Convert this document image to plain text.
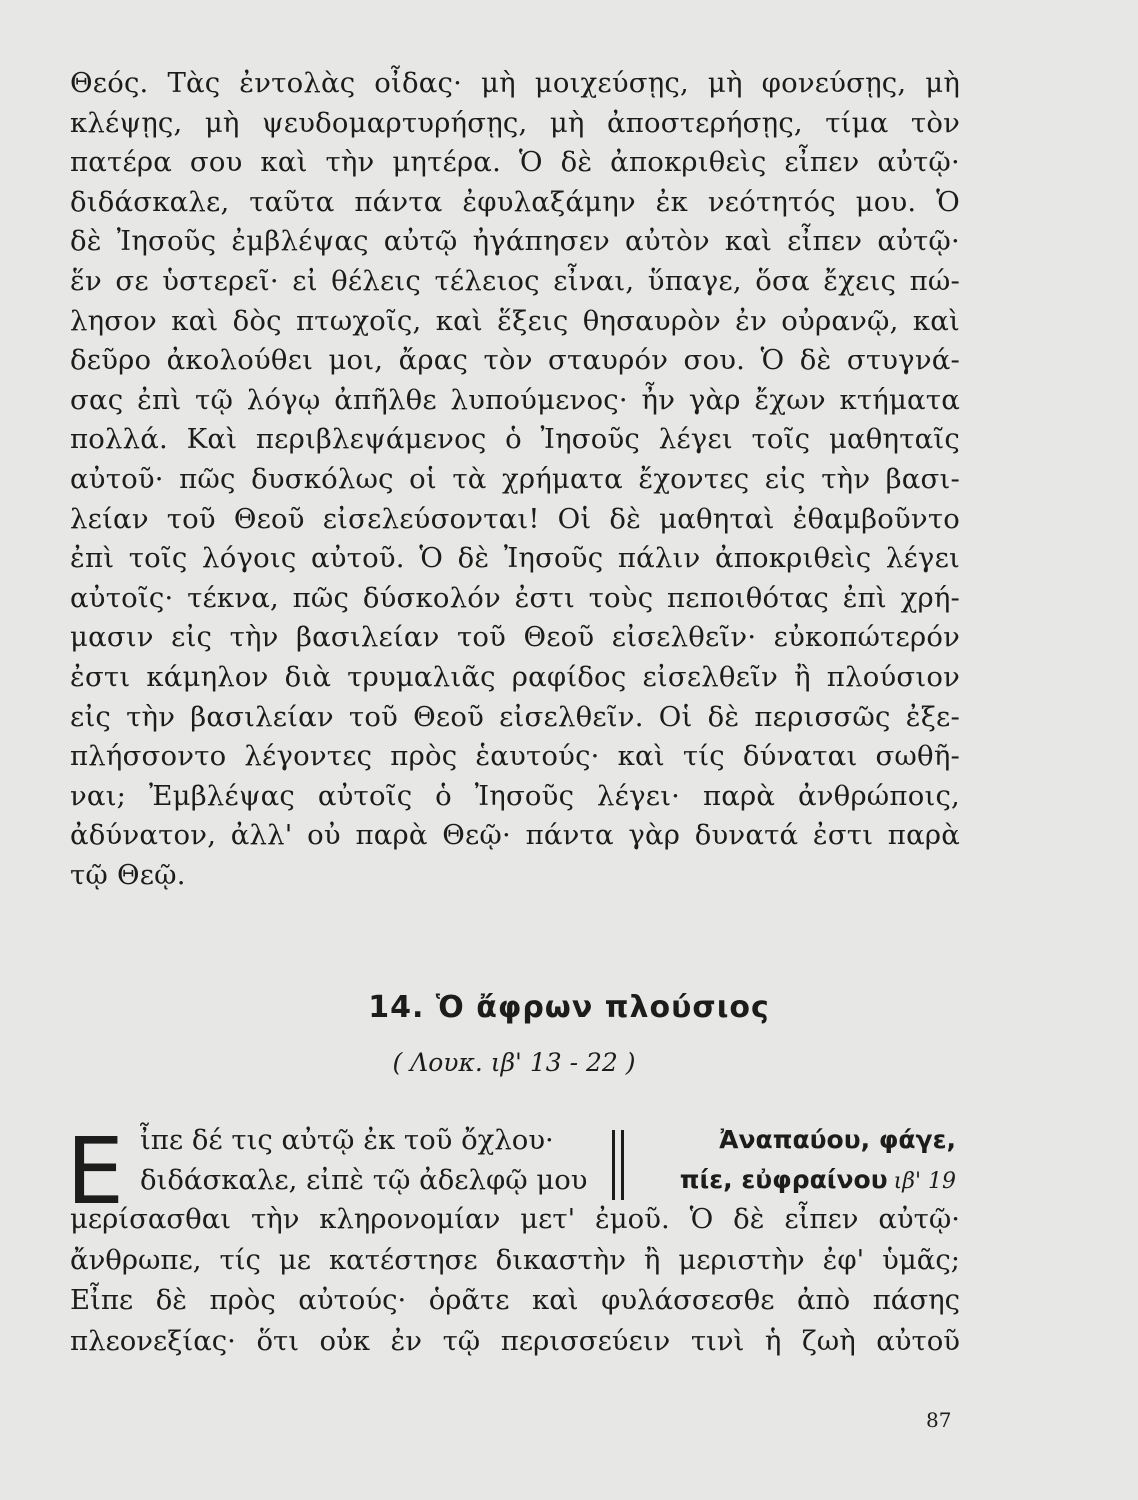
Θεός. Τὰς ἐντολὰς οἶδας· μὴ μοιχεύσῃς, μὴ φονεύσῃς, μὴ
κλέψῃς, μὴ ψευδομαρτυρήσῃς, μὴ ἀποστερήσῃς, τίμα τὸν
πατέρα σου καὶ τὴν μητέρα. Ὁ δὲ ἀποκριθεὶς εἶπεν αὐτῷ·
διδάσκαλε, ταῦτα πάντα ἐφυλαξάμην ἐκ νεότητός μου. Ὁ
δὲ Ἰησοῦς ἐμβλέψας αὐτῷ ἠγάπησεν αὐτὸν καὶ εἶπεν αὐτῷ·
ἕν σε ὑστερεῖ· εἰ θέλεις τέλειος εἶναι, ὕπαγε, ὅσα ἔχεις πώ-
λησον καὶ δὸς πτωχοῖς, καὶ ἕξεις θησαυρὸν ἐν οὐρανῷ, καὶ
δεῦρο ἀκολούθει μοι, ἄρας τὸν σταυρόν σου. Ὁ δὲ στυγνά-
σας ἐπὶ τῷ λόγῳ ἀπῆλθε λυπούμενος· ἦν γὰρ ἔχων κτήματα
πολλά. Καὶ περιβλεψάμενος ὁ Ἰησοῦς λέγει τοῖς μαθηταῖς
αὐτοῦ· πῶς δυσκόλως οἱ τὰ χρήματα ἔχοντες εἰς τὴν βασι-
λείαν τοῦ Θεοῦ εἰσελεύσονται! Οἱ δὲ μαθηταὶ ἐθαμβοῦντο
ἐπὶ τοῖς λόγοις αὐτοῦ. Ὁ δὲ Ἰησοῦς πάλιν ἀποκριθεὶς λέγει
αὐτοῖς· τέκνα, πῶς δύσκολόν ἐστι τοὺς πεποιθότας ἐπὶ χρή-
μασιν εἰς τὴν βασιλείαν τοῦ Θεοῦ εἰσελθεῖν· εὐκοπώτερόν
ἐστι κάμηλον διὰ τρυμαλιᾶς ραφίδος εἰσελθεῖν ἢ πλούσιον
εἰς τὴν βασιλείαν τοῦ Θεοῦ εἰσελθεῖν. Οἱ δὲ περισσῶς ἐξε-
πλήσσοντο λέγοντες πρὸς ἑαυτούς· καὶ τίς δύναται σωθῆ-
ναι; Ἐμβλέψας αὐτοῖς ὁ Ἰησοῦς λέγει· παρὰ ἀνθρώποις,
ἀδύνατον, ἀλλ' οὐ παρὰ Θεῷ· πάντα γὰρ δυνατά ἐστι παρὰ
τῷ Θεῷ.
14. Ὁ ἄφρων πλούσιος
( Λουκ. ιβ' 13 - 22 )
Ε ἶπε δέ τις αὐτῷ ἐκ τοῦ ὄχλου·
διδάσκαλε, εἰπὲ τῷ ἀδελφῷ μου
Ἀναπαύου, φάγε,
πίε, εὐφραίνου ιβ' 19
μερίσασθαι τὴν κληρονομίαν μετ' ἐμοῦ. Ὁ δὲ εἶπεν αὐτῷ·
ἄνθρωπε, τίς με κατέστησε δικαστὴν ἢ μεριστὴν ἐφ' ὑμᾶς;
Εἶπε δὲ πρὸς αὐτούς· ὁρᾶτε καὶ φυλάσσεσθε ἀπὸ πάσης
πλεονεξίας· ὅτι οὐκ ἐν τῷ περισσεύειν τινὶ ἡ ζωὴ αὐτοῦ
87
